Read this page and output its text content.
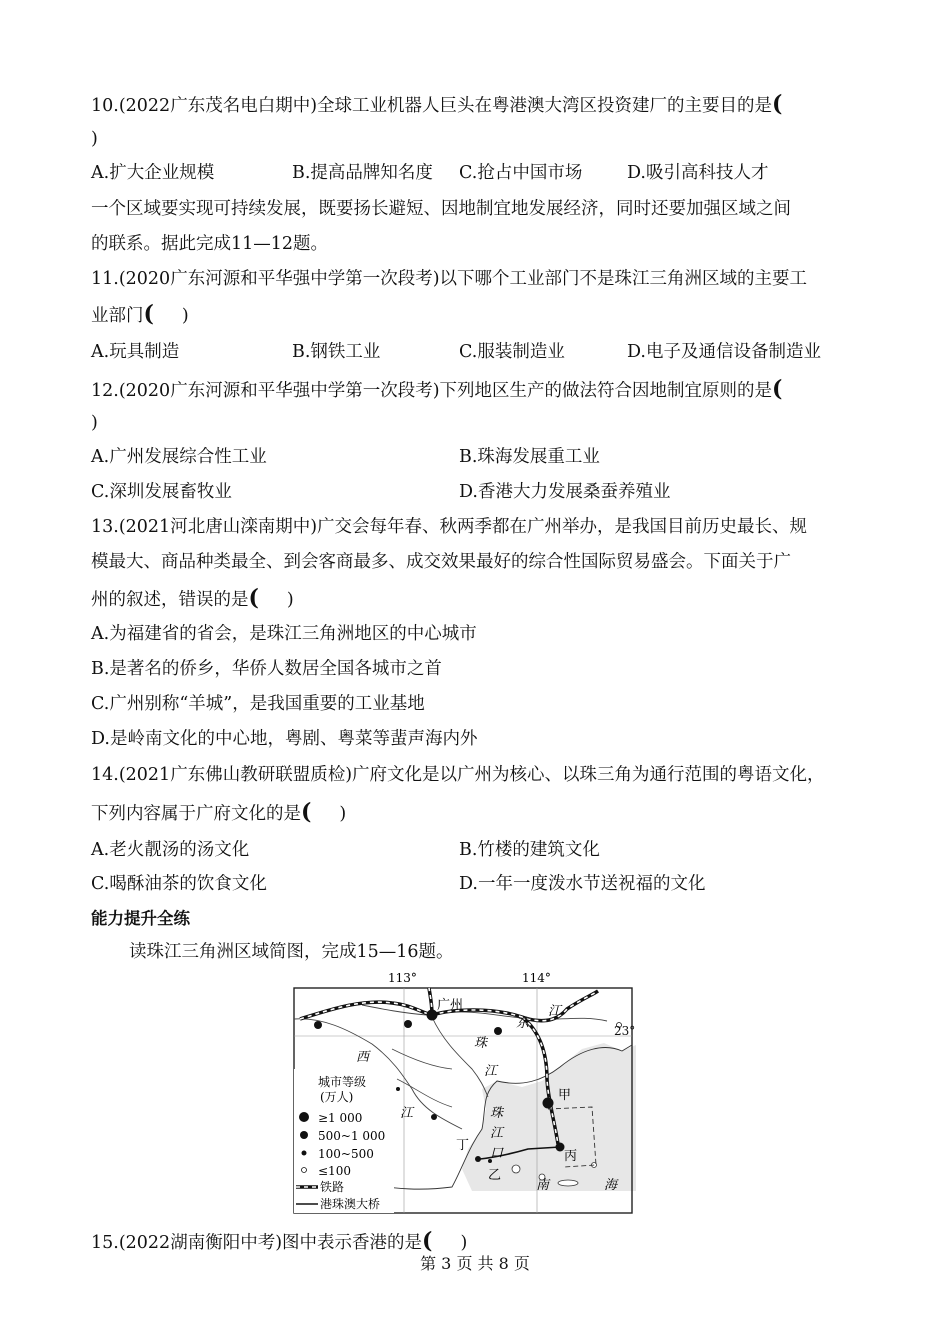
10.(2022广东茂名电白期中)全球工业机器人巨头在粤港澳大湾区投资建厂的主要目的是(
)
A.扩大企业规模	B.提高品牌知名度 C.抢占中国市场	D.吸引高科技人才
一个区域要实现可持续发展，既要扬长避短、因地制宜地发展经济，同时还要加强区域之间
的联系。据此完成11—12题。
11.(2020广东河源和平华强中学第一次段考)以下哪个工业部门不是珠江三角洲区域的主要工
业部门( )
A.玩具制造	B.钢铁工业	C.服装制造业	D.电子及通信设备制造业
12.(2020广东河源和平华强中学第一次段考)下列地区生产的做法符合因地制宜原则的是(
)
A.广州发展综合性工业	B.珠海发展重工业
C.深圳发展畜牧业	D.香港大力发展桑蚕养殖业
13.(2021河北唐山滦南期中)广交会每年春、秋两季都在广州举办，是我国目前历史最长、规
模最大、商品种类最全、到会客商最多、成交效果最好的综合性国际贸易盛会。下面关于广
州的叙述，错误的是( )
A.为福建省的省会，是珠江三角洲地区的中心城市
B.是著名的侨乡，华侨人数居全国各城市之首
C.广州别称“羊城”，是我国重要的工业基地
D.是岭南文化的中心地，粤剧、粤菜等蜚声海内外
14.(2021广东佛山教研联盟质检)广府文化是以广州为核心、以珠三角为通行范围的粤语文化，
下列内容属于广府文化的是( )
A.老火靓汤的汤文化	B.竹楼的建筑文化
C.喝酥油茶的饮食文化	D.一年一度泼水节送祝福的文化
能力提升全练
读珠江三角洲区域简图，完成15—16题。
113°	114°
23°
广州
东
江
珠
江
西
江	珠
江
口
甲
丙
丁
乙
南	海
城市等级
(万人)
≥1 000
500~1 000
100~500
≤100
铁路
港珠澳大桥
15.(2022湖南衡阳中考)图中表示香港的是( )
第 3 页 共 8 页
